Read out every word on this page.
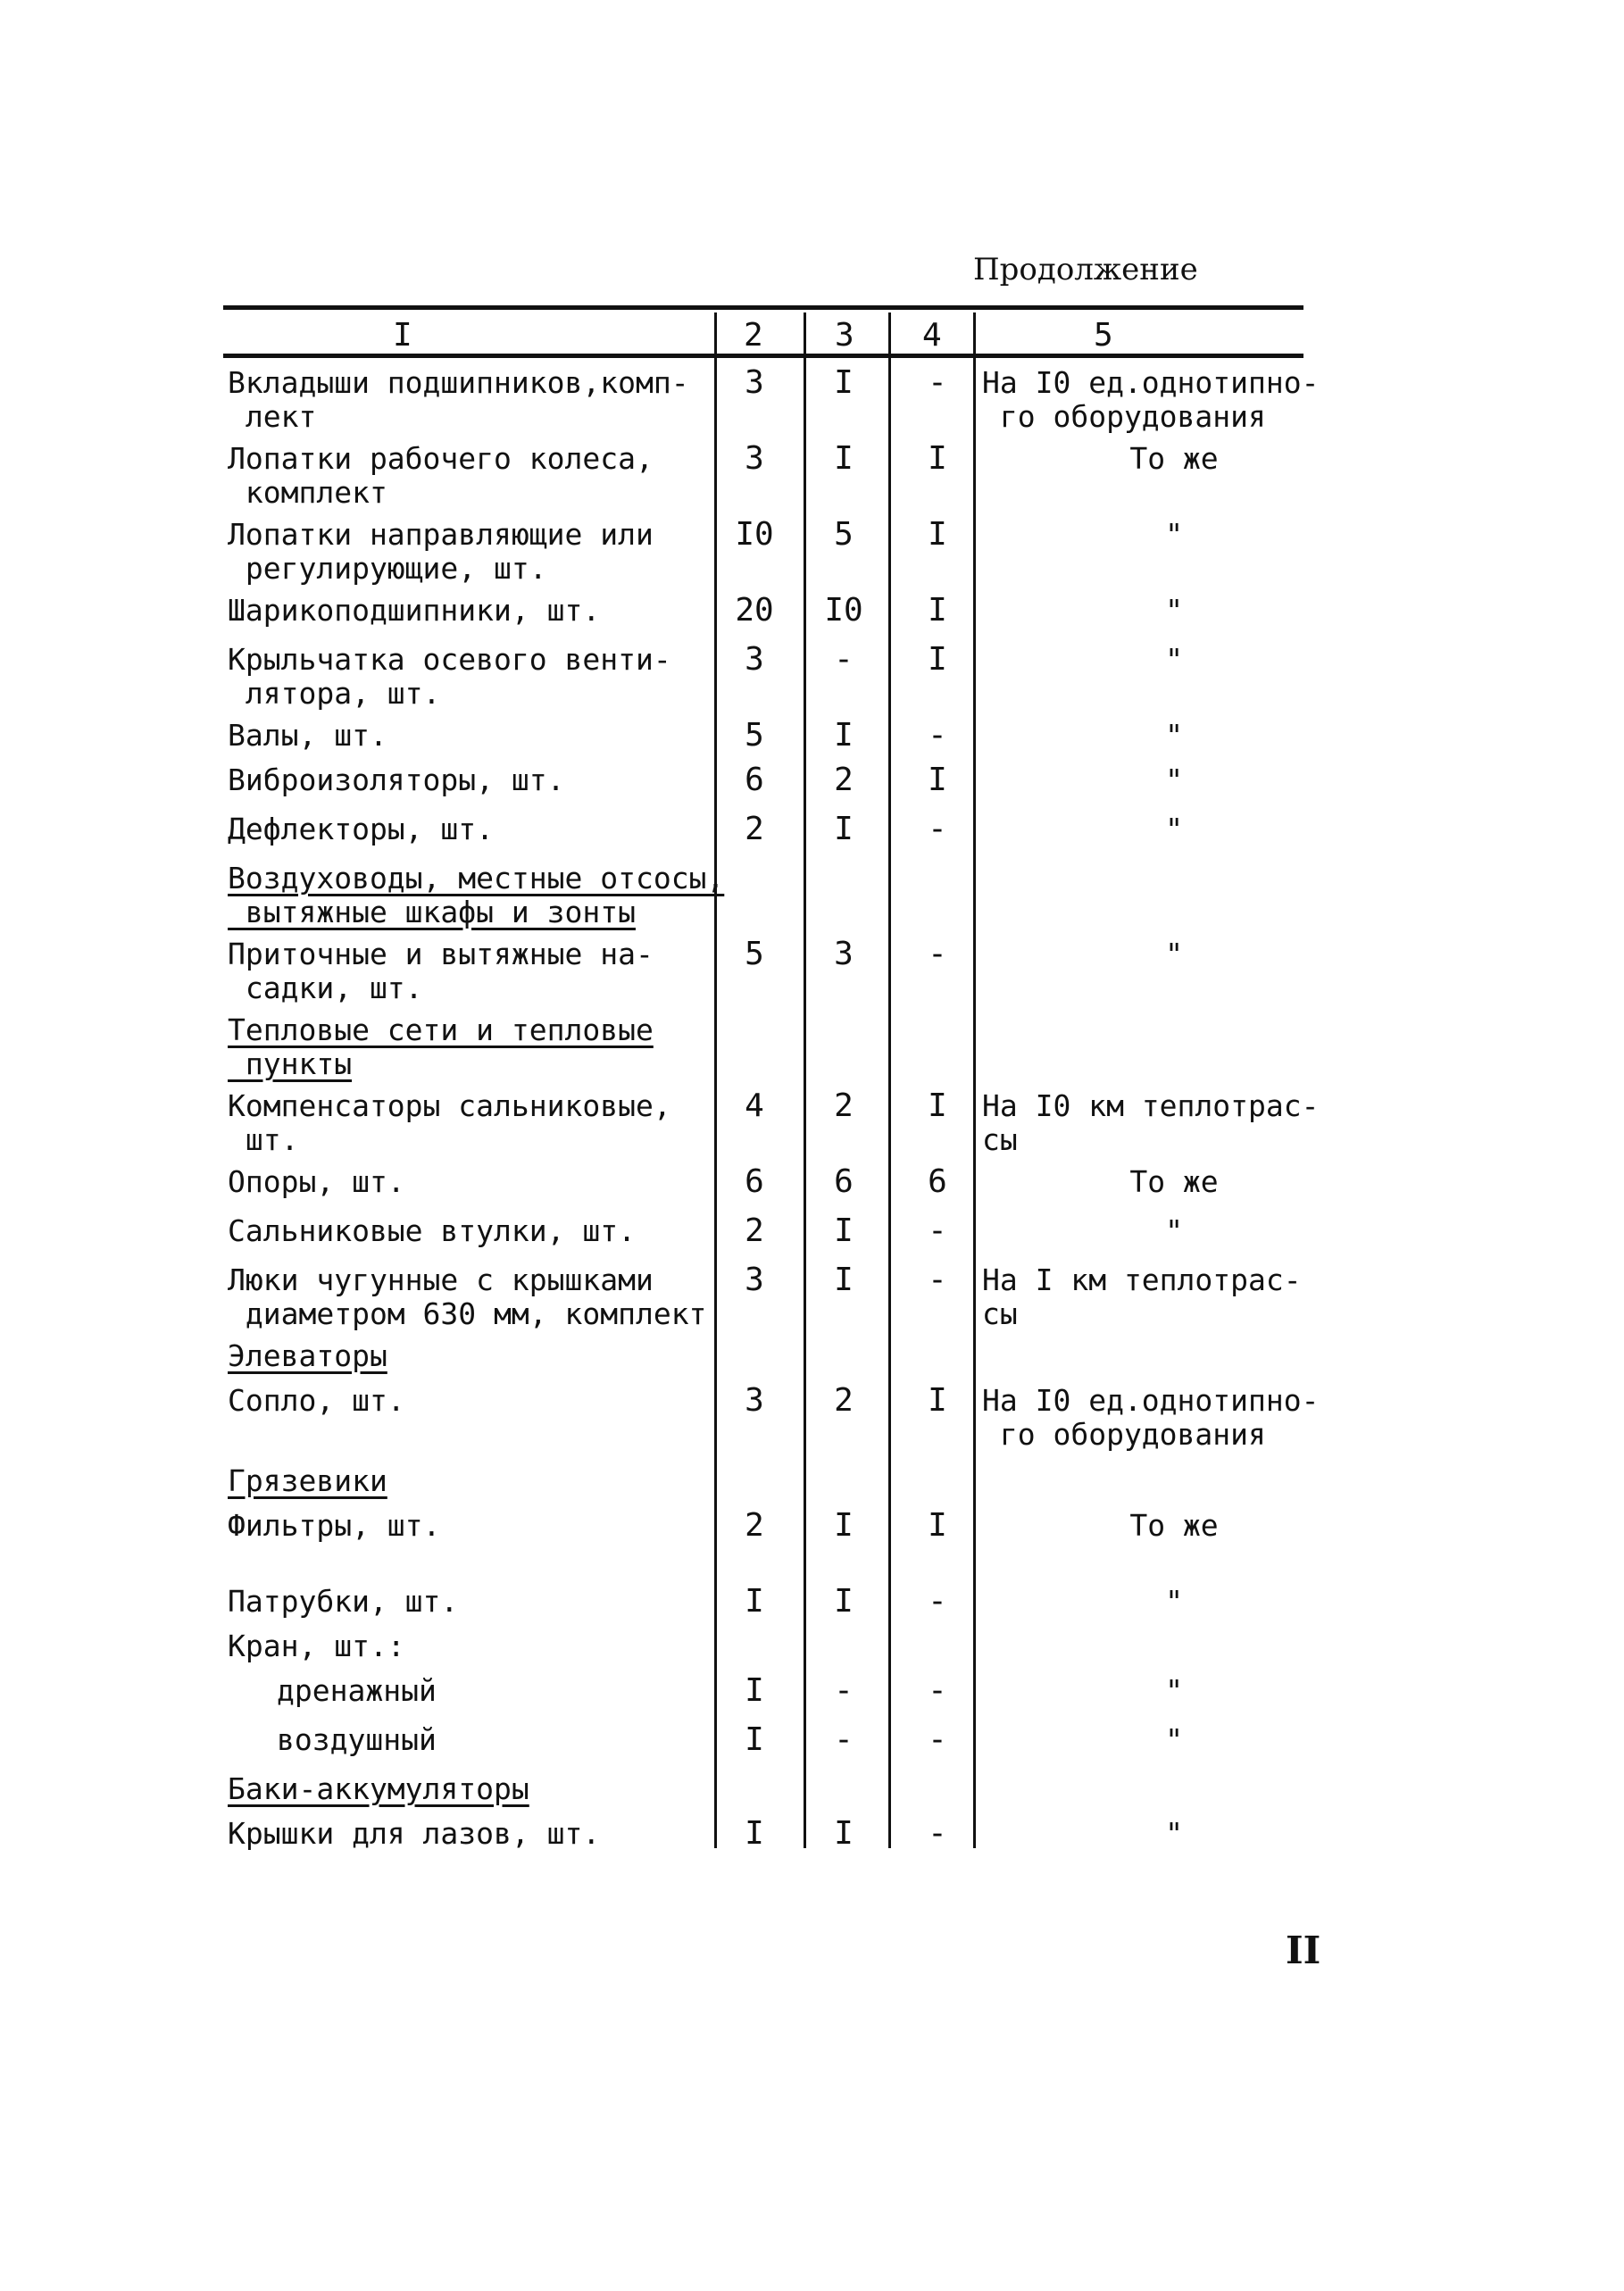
Продолжение
I	2 3 4	5
Вкладыши подшипников,комп-
лект
3	I	-	На I0 ед.однотипно-
го оборудования
Лопатки рабочего колеса,
комплект
3	I	I	То же
Лопатки направляющие или
регулирующие, шт.
I0	5	I	"
Шарикоподшипники, шт.	20	I0	I	"
Крыльчатка осевого венти-
лятора, шт.
3	-	I	"
Валы, шт.	5	I	-	"
Виброизоляторы, шт.	6	2	I	"
Дефлекторы, шт.	2	I	-	"
Воздуховоды, местные отсосы,
вытяжные шкафы и зонты
Приточные и вытяжные на-
садки, шт.
5	3	-	"
Тепловые сети и тепловые
пункты
Компенсаторы сальниковые,
шт.
4	2	I	На I0 км теплотрас-
сы
Опоры, шт.	6	6	6	То же
Сальниковые втулки, шт.	2	I	-	"
Люки чугунные с крышками
диаметром 630 мм, комплект
3	I	-	На I км теплотрас-
сы
Элеваторы
Сопло, шт.	3	2	I	На I0 ед.однотипно-
го оборудования
Грязевики
Фильтры, шт.	2	I	I	То же
Патрубки, шт.	I	I	-	"
Кран, шт.:
дренажный	I	-	-	"
воздушный	I	-	-	"
Баки-аккумуляторы
Крышки для лазов, шт.	I	I	-	"
II
